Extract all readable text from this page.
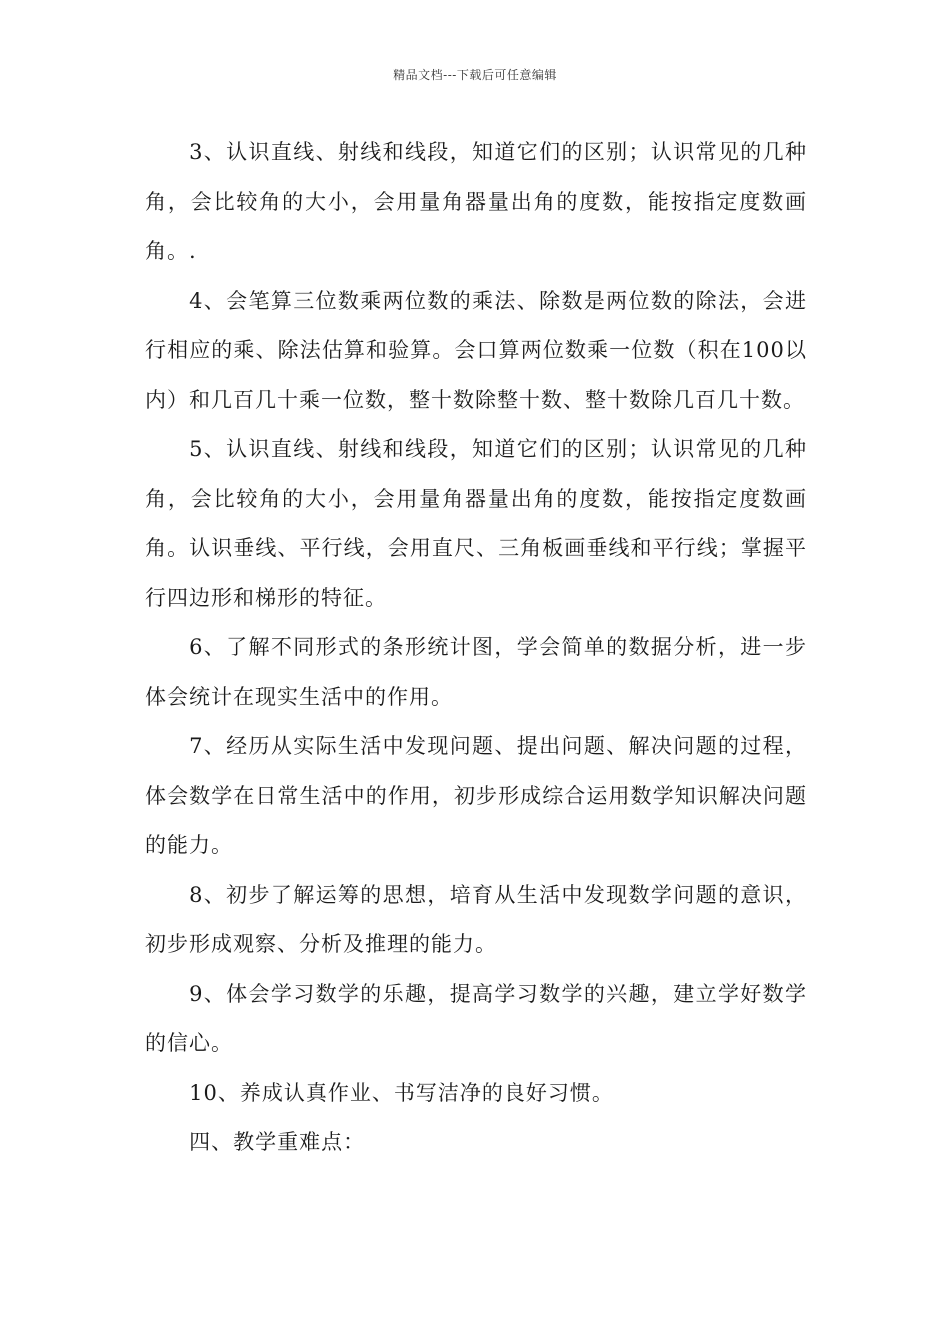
精品文档---下载后可任意编辑

3、认识直线、射线和线段，知道它们的区别；认识常见的几种角，会比较角的大小，会用量角器量出角的度数，能按指定度数画角。.

4、会笔算三位数乘两位数的乘法、除数是两位数的除法，会进行相应的乘、除法估算和验算。会口算两位数乘一位数（积在100以内）和几百几十乘一位数，整十数除整十数、整十数除几百几十数。

5、认识直线、射线和线段，知道它们的区别；认识常见的几种角，会比较角的大小，会用量角器量出角的度数，能按指定度数画角。认识垂线、平行线，会用直尺、三角板画垂线和平行线；掌握平行四边形和梯形的特征。

6、了解不同形式的条形统计图，学会简单的数据分析，进一步体会统计在现实生活中的作用。

7、经历从实际生活中发现问题、提出问题、解决问题的过程，体会数学在日常生活中的作用，初步形成综合运用数学知识解决问题的能力。

8、初步了解运筹的思想，培育从生活中发现数学问题的意识，初步形成观察、分析及推理的能力。

9、体会学习数学的乐趣，提高学习数学的兴趣，建立学好数学的信心。

10、养成认真作业、书写洁净的良好习惯。

四、教学重难点：
